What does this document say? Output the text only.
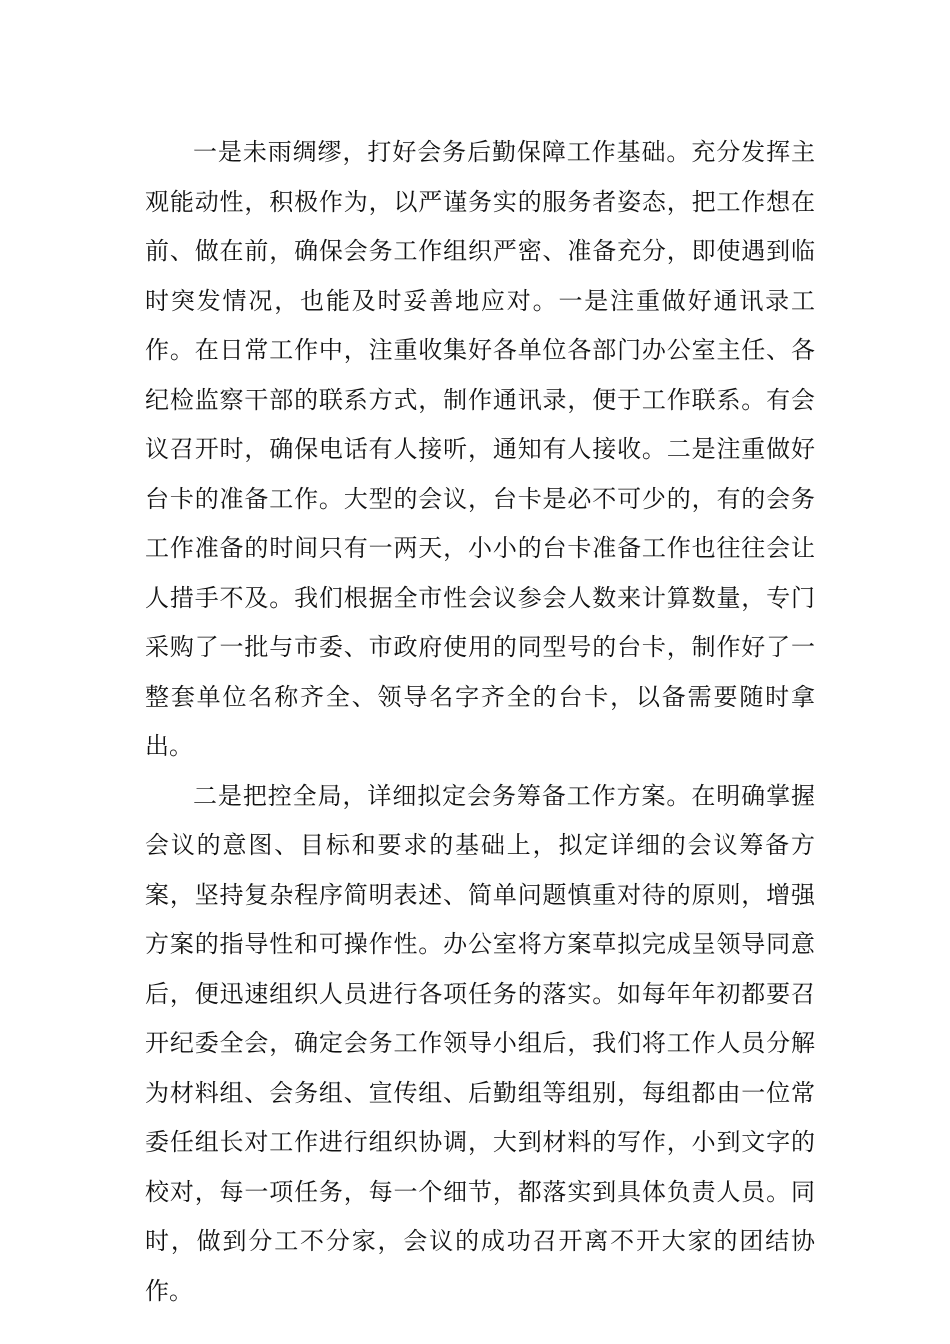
一是未雨绸缪，打好会务后勤保障工作基础。充分发挥主观能动性，积极作为，以严谨务实的服务者姿态，把工作想在前、做在前，确保会务工作组织严密、准备充分，即使遇到临时突发情况，也能及时妥善地应对。一是注重做好通讯录工作。在日常工作中，注重收集好各单位各部门办公室主任、各纪检监察干部的联系方式，制作通讯录，便于工作联系。有会议召开时，确保电话有人接听，通知有人接收。二是注重做好台卡的准备工作。大型的会议，台卡是必不可少的，有的会务工作准备的时间只有一两天，小小的台卡准备工作也往往会让人措手不及。我们根据全市性会议参会人数来计算数量，专门采购了一批与市委、市政府使用的同型号的台卡，制作好了一整套单位名称齐全、领导名字齐全的台卡，以备需要随时拿出。

二是把控全局，详细拟定会务筹备工作方案。在明确掌握会议的意图、目标和要求的基础上，拟定详细的会议筹备方案，坚持复杂程序简明表述、简单问题慎重对待的原则，增强方案的指导性和可操作性。办公室将方案草拟完成呈领导同意后，便迅速组织人员进行各项任务的落实。如每年年初都要召开纪委全会，确定会务工作领导小组后，我们将工作人员分解为材料组、会务组、宣传组、后勤组等组别，每组都由一位常委任组长对工作进行组织协调，大到材料的写作，小到文字的校对，每一项任务，每一个细节，都落实到具体负责人员。同时，做到分工不分家，会议的成功召开离不开大家的团结协作。
